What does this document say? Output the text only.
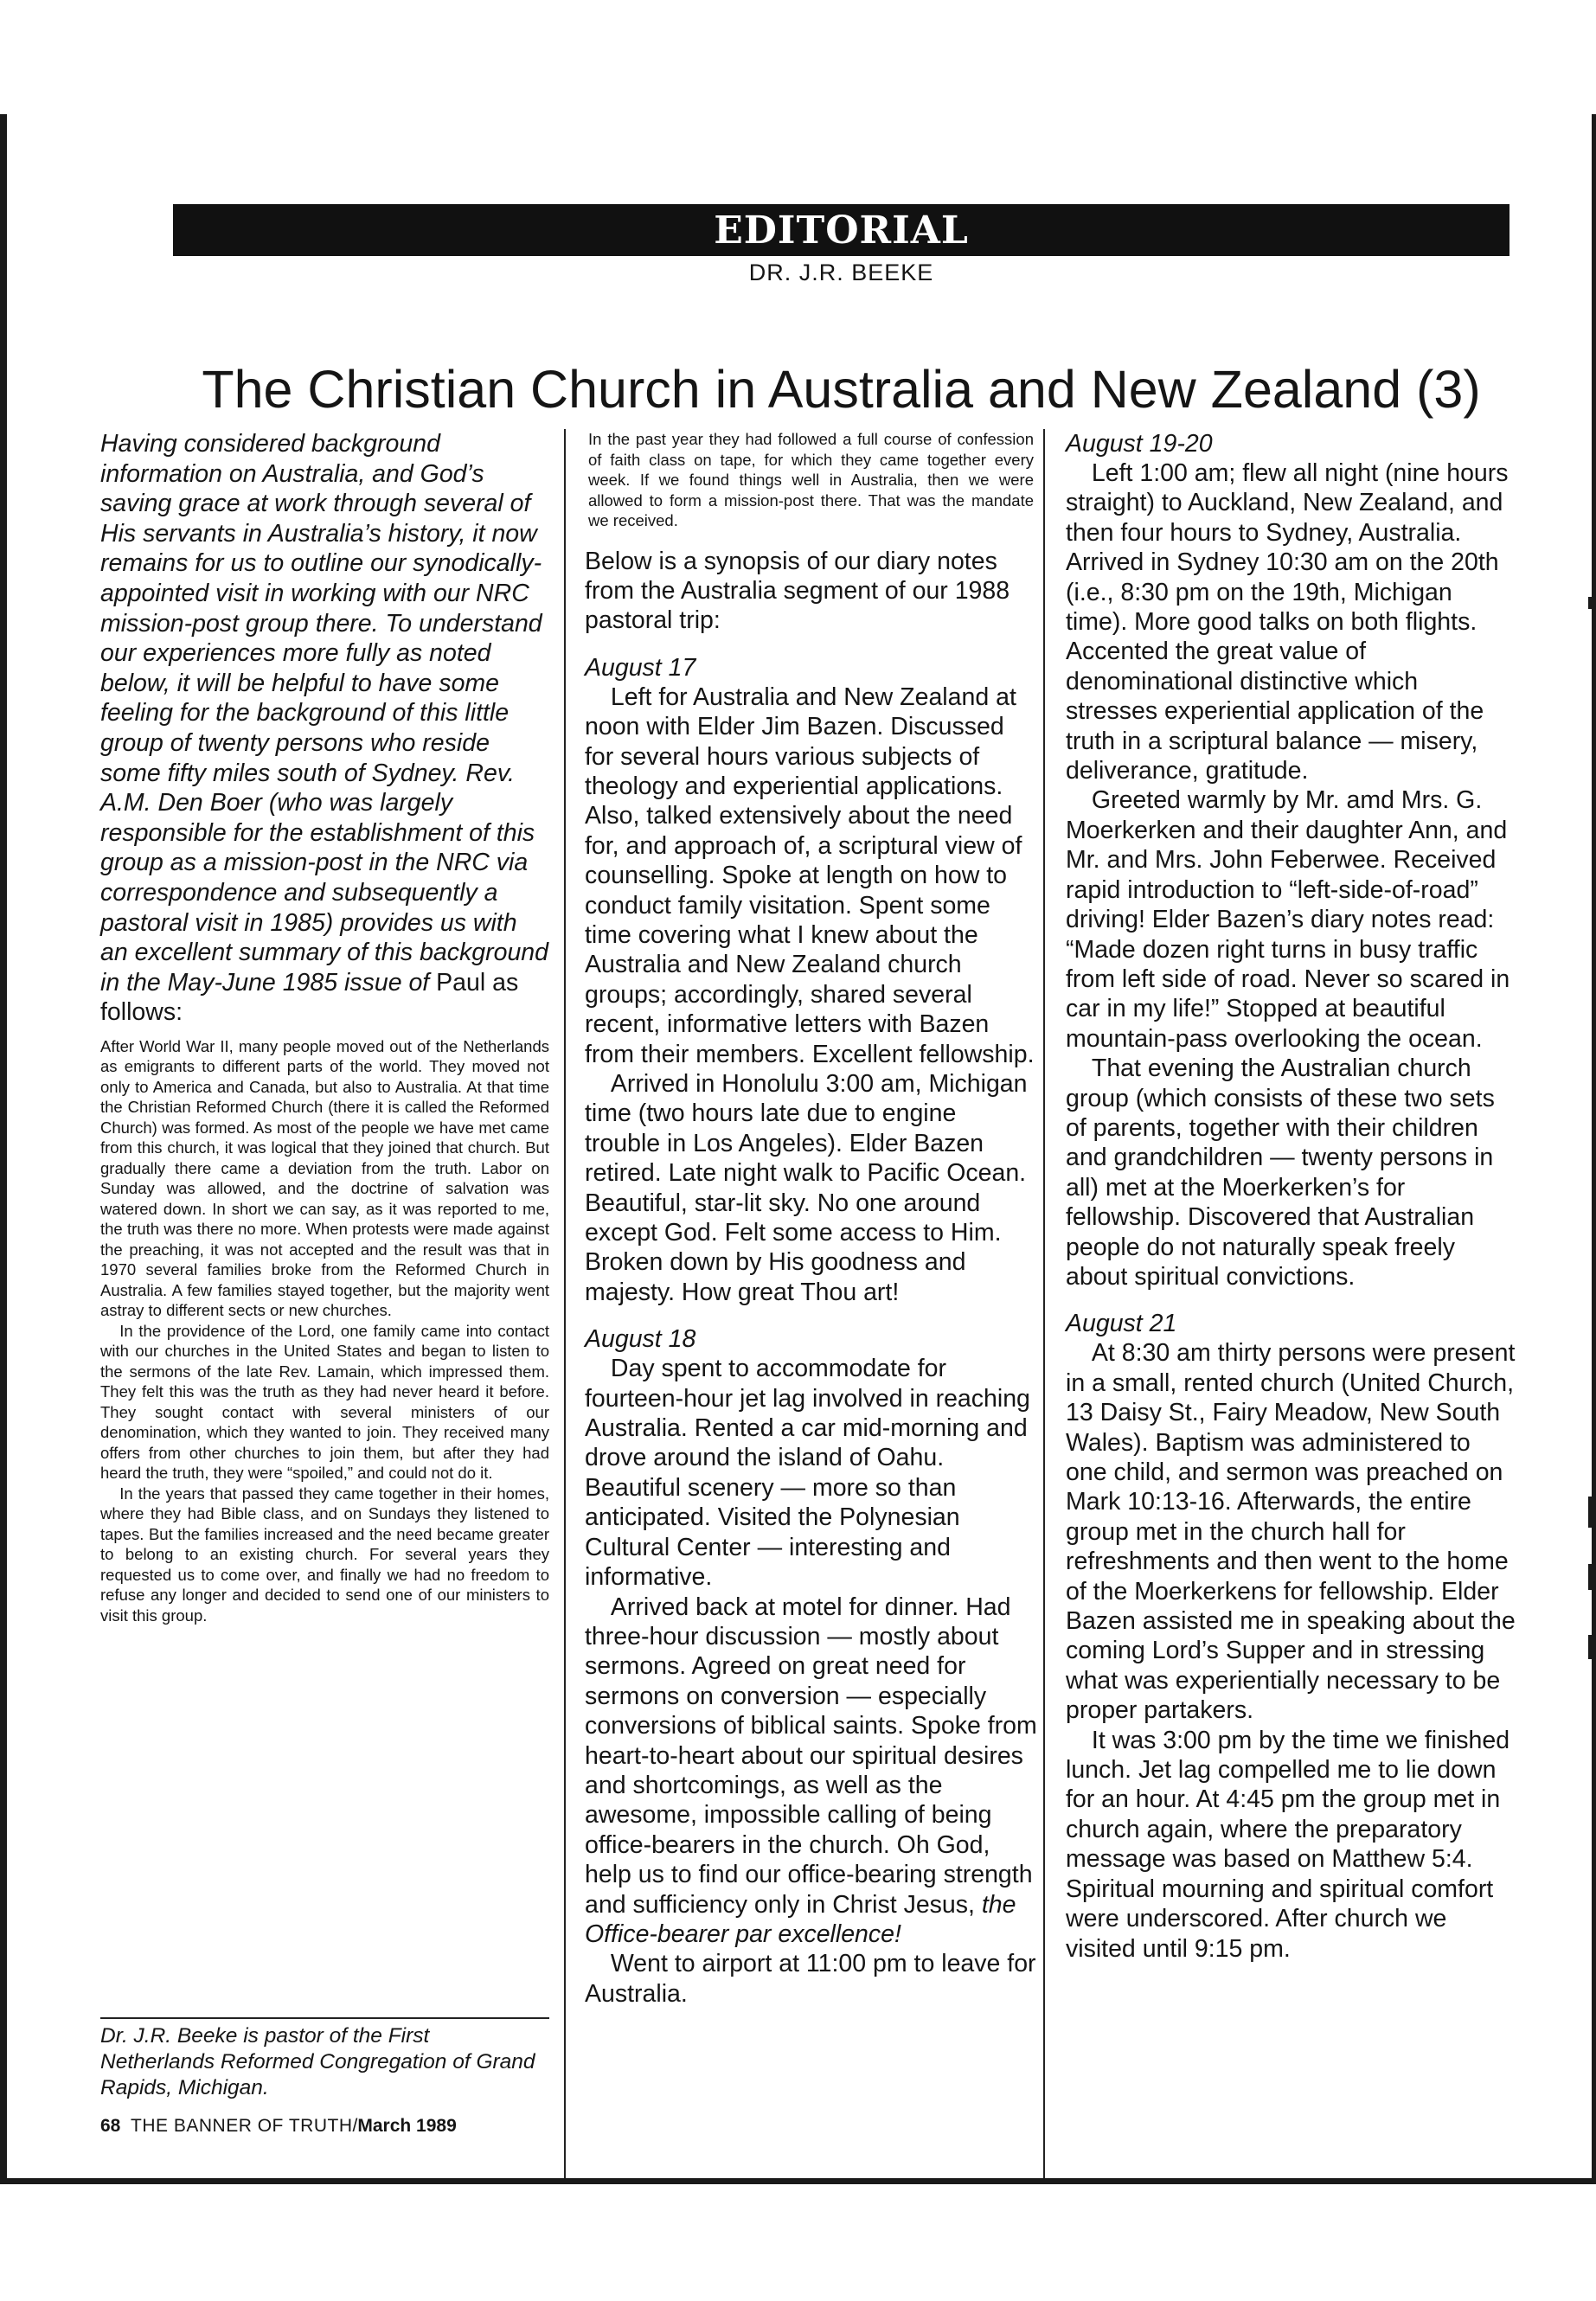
EDITORIAL
DR. J.R. BEEKE
The Christian Church in Australia and New Zealand (3)

Having considered background information on Australia, and God’s saving grace at work through several of His servants in Australia’s history, it now remains for us to outline our synodically-appointed visit in working with our NRC mission-post group there. To understand our experiences more fully as noted below, it will be helpful to have some feeling for the background of this little group of twenty persons who reside some fifty miles south of Sydney. Rev. A.M. Den Boer (who was largely responsible for the establishment of this group as a mission-post in the NRC via correspondence and subsequently a pastoral visit in 1985) provides us with an excellent summary of this background in the May-June 1985 issue of Paul as follows:

After World War II, many people moved out of the Netherlands as emigrants to different parts of the world. They moved not only to America and Canada, but also to Australia. At that time the Christian Reformed Church (there it is called the Reformed Church) was formed. As most of the people we have met came from this church, it was logical that they joined that church. But gradually there came a deviation from the truth. Labor on Sunday was allowed, and the doctrine of salvation was watered down. In short we can say, as it was reported to me, the truth was there no more. When protests were made against the preaching, it was not accepted and the result was that in 1970 several families broke from the Reformed Church in Australia. A few families stayed together, but the majority went astray to different sects or new churches.

In the providence of the Lord, one family came into contact with our churches in the United States and began to listen to the sermons of the late Rev. Lamain, which impressed them. They felt this was the truth as they had never heard it before. They sought contact with several ministers of our denomination, which they wanted to join. They received many offers from other churches to join them, but after they had heard the truth, they were “spoiled,” and could not do it.

In the years that passed they came together in their homes, where they had Bible class, and on Sundays they listened to tapes. But the families increased and the need became greater to belong to an existing church. For several years they requested us to come over, and finally we had no freedom to refuse any longer and decided to send one of our ministers to visit this group.

Dr. J.R. Beeke is pastor of the First Netherlands Reformed Congregation of Grand Rapids, Michigan.

68 THE BANNER OF TRUTH/March 1989

In the past year they had followed a full course of confession of faith class on tape, for which they came together every week. If we found things well in Australia, then we were allowed to form a mission-post there. That was the mandate we received.

Below is a synopsis of our diary notes from the Australia segment of our 1988 pastoral trip:

August 17

Left for Australia and New Zealand at noon with Elder Jim Bazen. Discussed for several hours various subjects of theology and experiential applications. Also, talked extensively about the need for, and approach of, a scriptural view of counselling. Spoke at length on how to conduct family visitation. Spent some time covering what I knew about the Australia and New Zealand church groups; accordingly, shared several recent, informative letters with Bazen from their members. Excellent fellowship.

Arrived in Honolulu 3:00 am, Michigan time (two hours late due to engine trouble in Los Angeles). Elder Bazen retired. Late night walk to Pacific Ocean. Beautiful, star-lit sky. No one around except God. Felt some access to Him. Broken down by His goodness and majesty. How great Thou art!

August 18

Day spent to accommodate for fourteen-hour jet lag involved in reaching Australia. Rented a car mid-morning and drove around the island of Oahu. Beautiful scenery — more so than anticipated. Visited the Polynesian Cultural Center — interesting and informative.

Arrived back at motel for dinner. Had three-hour discussion — mostly about sermons. Agreed on great need for sermons on conversion — especially conversions of biblical saints. Spoke from heart-to-heart about our spiritual desires and shortcomings, as well as the awesome, impossible calling of being office-bearers in the church. Oh God, help us to find our office-bearing strength and sufficiency only in Christ Jesus, the Office-bearer par excellence!

Went to airport at 11:00 pm to leave for Australia.

August 19-20

Left 1:00 am; flew all night (nine hours straight) to Auckland, New Zealand, and then four hours to Sydney, Australia. Arrived in Sydney 10:30 am on the 20th (i.e., 8:30 pm on the 19th, Michigan time). More good talks on both flights. Accented the great value of denominational distinctive which stresses experiential application of the truth in a scriptural balance — misery, deliverance, gratitude.

Greeted warmly by Mr. amd Mrs. G. Moerkerken and their daughter Ann, and Mr. and Mrs. John Feberwee. Received rapid introduction to “left-side-of-road” driving! Elder Bazen’s diary notes read: “Made dozen right turns in busy traffic from left side of road. Never so scared in car in my life!” Stopped at beautiful mountain-pass overlooking the ocean.

That evening the Australian church group (which consists of these two sets of parents, together with their children and grandchildren — twenty persons in all) met at the Moerkerken’s for fellowship. Discovered that Australian people do not naturally speak freely about spiritual convictions.

August 21

At 8:30 am thirty persons were present in a small, rented church (United Church, 13 Daisy St., Fairy Meadow, New South Wales). Baptism was administered to one child, and sermon was preached on Mark 10:13-16. Afterwards, the entire group met in the church hall for refreshments and then went to the home of the Moerkerkens for fellowship. Elder Bazen assisted me in speaking about the coming Lord’s Supper and in stressing what was experientially necessary to be proper partakers.

It was 3:00 pm by the time we finished lunch. Jet lag compelled me to lie down for an hour. At 4:45 pm the group met in church again, where the preparatory message was based on Matthew 5:4. Spiritual mourning and spiritual comfort were underscored. After church we visited until 9:15 pm.
